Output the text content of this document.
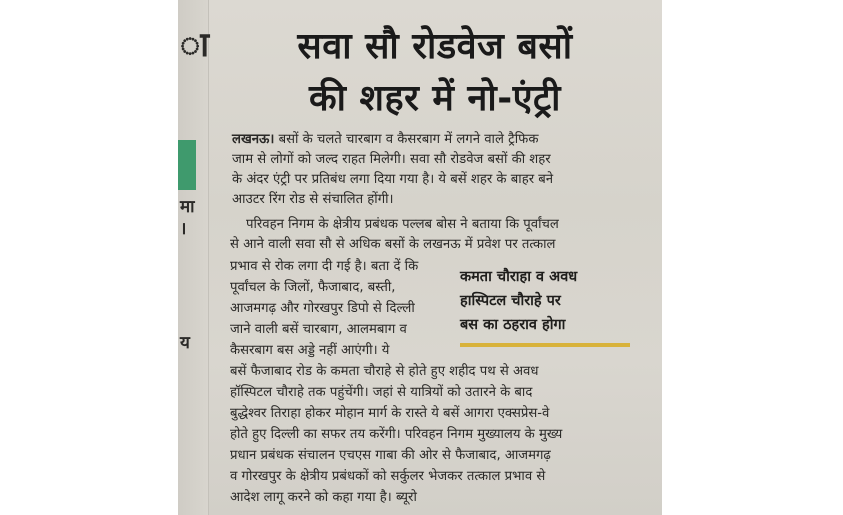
ा
मा
।
य
सवा सौ रोडवेज बसों
की शहर में नो-एंट्री
लखनऊ। बसों के चलते चारबाग व कैसरबाग में लगने वाले ट्रैफिक
जाम से लोगों को जल्द राहत मिलेगी। सवा सौ रोडवेज बसों की शहर
के अंदर एंट्री पर प्रतिबंध लगा दिया गया है। ये बसें शहर के बाहर बने
आउटर रिंग रोड से संचालित होंगी।
परिवहन निगम के क्षेत्रीय प्रबंधक पल्लब बोस ने बताया कि पूर्वांचल
से आने वाली सवा सौ से अधिक बसों के लखनऊ में प्रवेश पर तत्काल
प्रभाव से रोक लगा दी गई है। बता दें कि
पूर्वांचल के जिलों, फैजाबाद, बस्ती,
आजमगढ़ और गोरखपुर डिपो से दिल्ली
जाने वाली बसें चारबाग, आलमबाग व
कैसरबाग बस अड्डे नहीं आएंगी। ये
बसें फैजाबाद रोड के कमता चौराहे से होते हुए शहीद पथ से अवध
हॉस्पिटल चौराहे तक पहुंचेंगी। जहां से यात्रियों को उतारने के बाद
बुद्धेश्वर तिराहा होकर मोहान मार्ग के रास्ते ये बसें आगरा एक्सप्रेस-वे
होते हुए दिल्ली का सफर तय करेंगी। परिवहन निगम मुख्यालय के मुख्य
प्रधान प्रबंधक संचालन एचएस गाबा की ओर से फैजाबाद, आजमगढ़
व गोरखपुर के क्षेत्रीय प्रबंधकों को सर्कुलर भेजकर तत्काल प्रभाव से
आदेश लागू करने को कहा गया है। ब्यूरो
कमता चौराहा व अवध
हास्पिटल चौराहे पर
बस का ठहराव होगा
